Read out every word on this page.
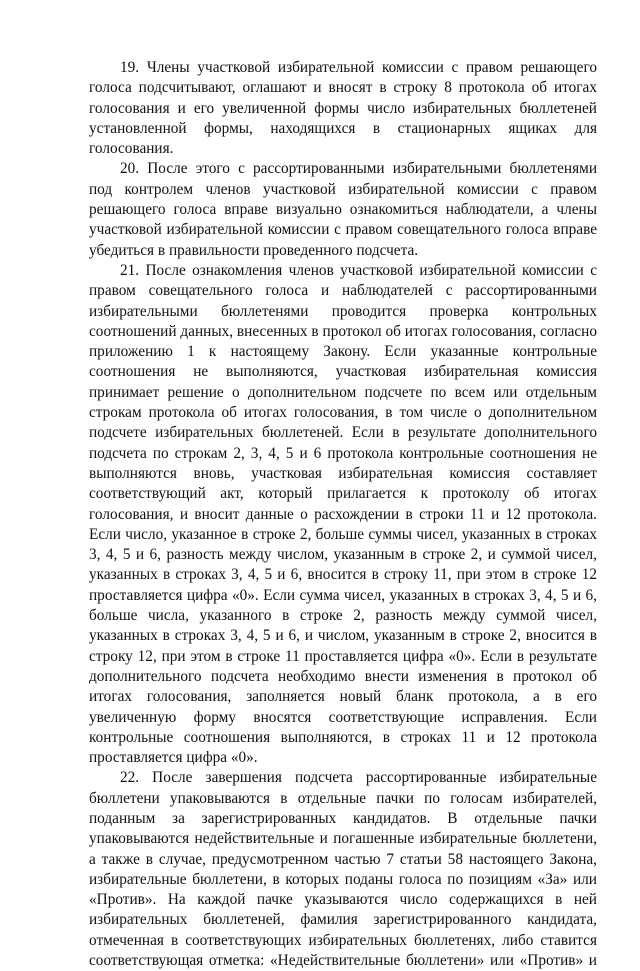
19. Члены участковой избирательной комиссии с правом решающего голоса подсчитывают, оглашают и вносят в строку 8 протокола об итогах голосования и его увеличенной формы число избирательных бюллетеней установленной формы, находящихся в стационарных ящиках для голосования.

20. После этого с рассортированными избирательными бюллетенями под контролем членов участковой избирательной комиссии с правом решающего голоса вправе визуально ознакомиться наблюдатели, а члены участковой избирательной комиссии с правом совещательного голоса вправе убедиться в правильности проведенного подсчета.

21. После ознакомления членов участковой избирательной комиссии с правом совещательного голоса и наблюдателей с рассортированными избирательными бюллетенями проводится проверка контрольных соотношений данных, внесенных в протокол об итогах голосования, согласно приложению 1 к настоящему Закону. Если указанные контрольные соотношения не выполняются, участковая избирательная комиссия принимает решение о дополнительном подсчете по всем или отдельным строкам протокола об итогах голосования, в том числе о дополнительном подсчете избирательных бюллетеней. Если в результате дополнительного подсчета по строкам 2, 3, 4, 5 и 6 протокола контрольные соотношения не выполняются вновь, участковая избирательная комиссия составляет соответствующий акт, который прилагается к протоколу об итогах голосования, и вносит данные о расхождении в строки 11 и 12 протокола. Если число, указанное в строке 2, больше суммы чисел, указанных в строках 3, 4, 5 и 6, разность между числом, указанным в строке 2, и суммой чисел, указанных в строках 3, 4, 5 и 6, вносится в строку 11, при этом в строке 12 проставляется цифра «0». Если сумма чисел, указанных в строках 3, 4, 5 и 6, больше числа, указанного в строке 2, разность между суммой чисел, указанных в строках 3, 4, 5 и 6, и числом, указанным в строке 2, вносится в строку 12, при этом в строке 11 проставляется цифра «0». Если в результате дополнительного подсчета необходимо внести изменения в протокол об итогах голосования, заполняется новый бланк протокола, а в его увеличенную форму вносятся соответствующие исправления. Если контрольные соотношения выполняются, в строках 11 и 12 протокола проставляется цифра «0».

22. После завершения подсчета рассортированные избирательные бюллетени упаковываются в отдельные пачки по голосам избирателей, поданным за зарегистрированных кандидатов. В отдельные пачки упаковываются недействительные и погашенные избирательные бюллетени, а также в случае, предусмотренном частью 7 статьи 58 настоящего Закона, избирательные бюллетени, в которых поданы голоса по позициям «За» или «Против». На каждой пачке указываются число содержащихся в ней избирательных бюллетеней, фамилия зарегистрированного кандидата, отмеченная в соответствующих избирательных бюллетенях, либо ставится соответствующая отметка: «Недействительные бюллетени» или «Против» и
